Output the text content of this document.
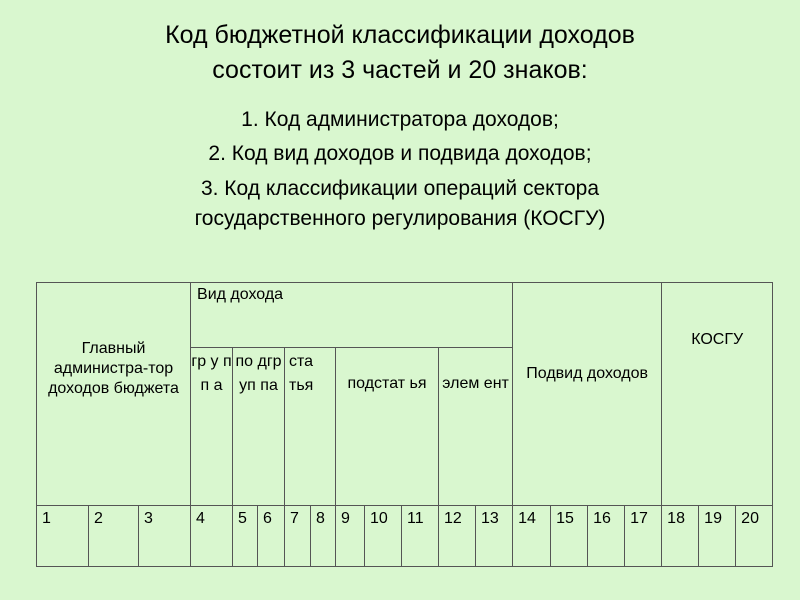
Код бюджетной классификации доходов
состоит из 3 частей и 20 знаков:
1. Код администратора доходов;
2. Код вид доходов и подвида доходов;
3. Код классификации операций сектора государственного регулирования (КОСГУ)
Главный администра-тор доходов бюджета			Вид дохода										Подвид доходов				КОСГУ		
			гр у п п а	по дгр уп па		ста тья		подстат ья			элем ент								
1	2	3	4	5	6	7	8	9	10	11	12	13	14	15	16	17	18	19	20
